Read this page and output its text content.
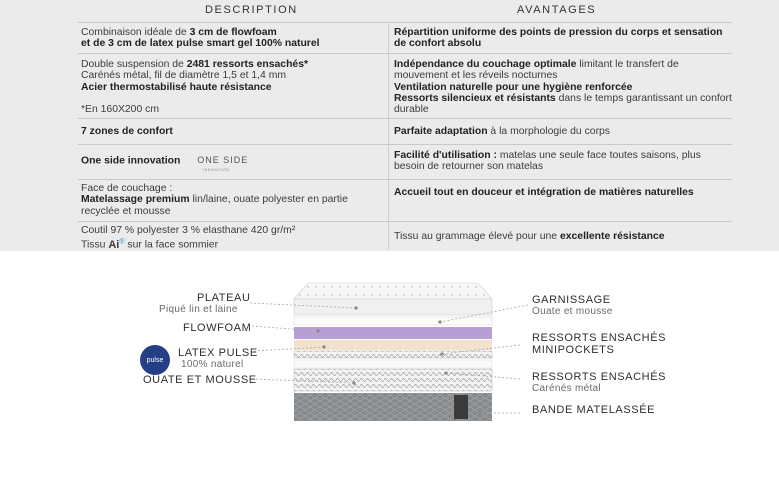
DESCRIPTION	AVANTAGES
Combinaison idéale de 3 cm de flowfoam
et de 3 cm de latex pulse smart gel 100% naturel
Répartition uniforme des points de pression du corps et sensation de confort absolu
Double suspension de 2481 ressorts ensachés*
Carénés métal, fil de diamètre 1,5 et 1,4 mm
Acier thermostabilisé haute résistance

*En 160X200 cm
Indépendance du couchage optimale limitant le transfert de mouvement et les réveils nocturnes
Ventilation naturelle pour une hygiène renforcée
Ressorts silencieux et résistants dans le temps garantissant un confort durable
7 zones de confort	Parfaite adaptation à la morphologie du corps
One side innovation ONE SIDE
INNOVATION
Facilité d'utilisation : matelas une seule face toutes saisons, plus besoin de retourner son matelas
Face de couchage :
Matelassage premium lin/laine, ouate polyester en partie recyclée et mousse
Accueil tout en douceur et intégration de matières naturelles
Coutil 97 % polyester 3 % elasthane 420 gr/m²
Tissu Ai® sur la face sommier
Tissu au grammage élevé pour une excellente résistance
PLATEAU
Piqué lin et laine
FLOWFOAM
pulse
LATEX PULSE
100% naturel
OUATE ET MOUSSE
GARNISSAGE
Ouate et mousse
RESSORTS ENSACHÉS
MINIPOCKETS
RESSORTS ENSACHÉS
Carénés métal
BANDE MATELASSÉE
